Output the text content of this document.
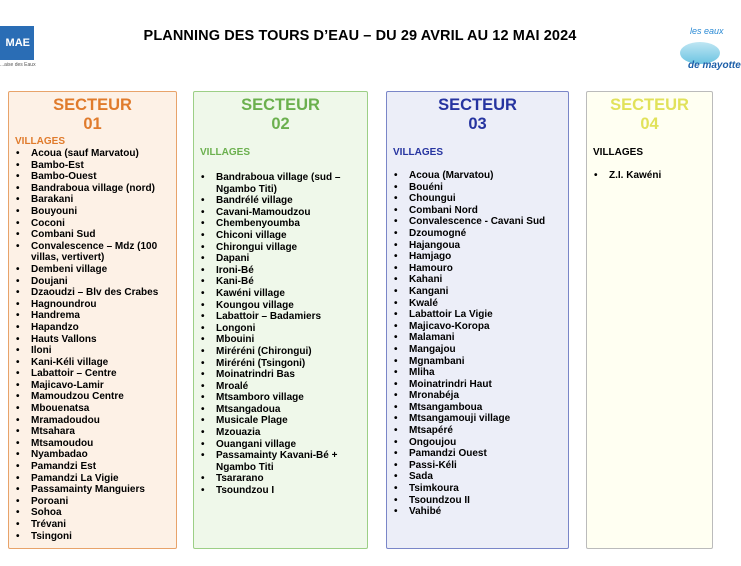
MAE
...aise des Eaux
PLANNING DES TOURS D’EAU – DU 29 AVRIL AU 12 MAI 2024	les eaux
de mayotte
SECTEUR
01
VILLAGES
• Acoua (sauf Marvatou)
• Bambo-Est
• Bambo-Ouest
• Bandraboua village (nord)
• Barakani
• Bouyouni
• Coconi
• Combani Sud
• Convalescence – Mdz (100 villas, vertivert)
• Dembeni village
• Doujani
• Dzaoudzi – Blv des Crabes
• Hagnoundrou
• Handrema
• Hapandzo
• Hauts Vallons
• Iloni
• Kani-Kéli village
• Labattoir – Centre
• Majicavo-Lamir
• Mamoudzou Centre
• Mbouenatsa
• Mramadoudou
• Mtsahara
• Mtsamoudou
• Nyambadao
• Pamandzi Est
• Pamandzi La Vigie
• Passamainty Manguiers
• Poroani
• Sohoa
• Trévani
• Tsingoni
SECTEUR
02
VILLAGES
• Bandraboua village (sud – Ngambo Titi)
• Bandrélé village
• Cavani-Mamoudzou
• Chembenyoumba
• Chiconi village
• Chirongui village
• Dapani
• Ironi-Bé
• Kani-Bé
• Kawéni village
• Koungou village
• Labattoir – Badamiers
• Longoni
• Mbouini
• Miréréni (Chirongui)
• Miréréni (Tsingoni)
• Moinatrindri Bas
• Mroalé
• Mtsamboro village
• Mtsangadoua
• Musicale Plage
• Mzouazia
• Ouangani village
• Passamainty Kavani-Bé + Ngambo Titi
• Tsararano
• Tsoundzou I
SECTEUR
03
VILLAGES
• Acoua (Marvatou)
• Bouéni
• Choungui
• Combani Nord
• Convalescence - Cavani Sud
• Dzoumogné
• Hajangoua
• Hamjago
• Hamouro
• Kahani
• Kangani
• Kwalé
• Labattoir La Vigie
• Majicavo-Koropa
• Malamani
• Mangajou
• Mgnambani
• Mliha
• Moinatrindri Haut
• Mronabéja
• Mtsangamboua
• Mtsangamouji village
• Mtsapéré
• Ongoujou
• Pamandzi Ouest
• Passi-Kéli
• Sada
• Tsimkoura
• Tsoundzou II
• Vahibé
SECTEUR
04
VILLAGES
• Z.I. Kawéni
